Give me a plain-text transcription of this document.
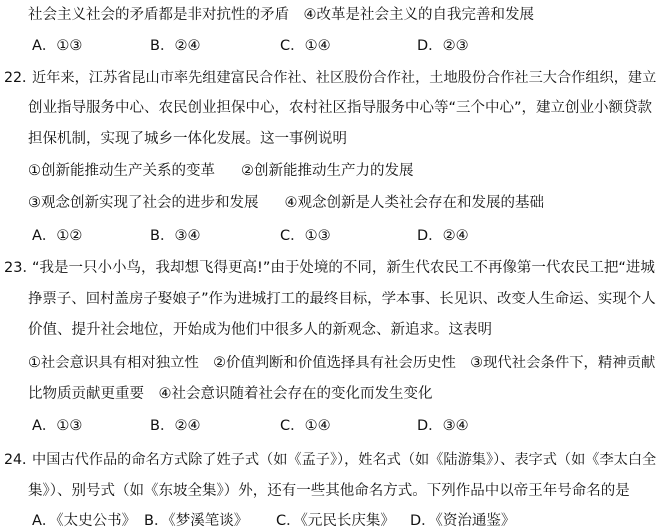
社会主义社会的矛盾都是非对抗性的矛盾　④改革是社会主义的自我完善和发展
A．①③	B．②④	C．①④	D．②③
22．近年来，江苏省昆山市率先组建富民合作社、社区股份合作社，土地股份合作社三大合作组织，建立
创业指导服务中心、农民创业担保中心，农村社区指导服务中心等“三个中心”，建立创业小额贷款
担保机制，实现了城乡一体化发展。这一事例说明
①创新能推动生产关系的变革 ②创新能推动生产力的发展
③观念创新实现了社会的进步和发展 ④观念创新是人类社会存在和发展的基础
A．①②	B．③④	C．①③	D．②④
23．“我是一只小小鸟，我却想飞得更高!”由于处境的不同，新生代农民工不再像第一代农民工把“进城
挣票子、回村盖房子娶娘子”作为进城打工的最终目标，学本事、长见识、改变人生命运、实现个人
价值、提升社会地位，开始成为他们中很多人的新观念、新追求。这表明
①社会意识具有相对独立性　②价值判断和价值选择具有社会历史性　③现代社会条件下，精神贡献
比物质贡献更重要　④社会意识随着社会存在的变化而发生变化
A．①③	B．②④	C．①④	D．③④
24．中国古代作品的命名方式除了姓子式（如《孟子》），姓名式（如《陆游集》）、表字式（如《李太白全
集》）、别号式（如《东坡全集》）外，还有一些其他命名方式。下列作品中以帝王年号命名的是
A．《太史公书》 B．《梦溪笔谈》 C．《元民长庆集》 D．《资治通鉴》
